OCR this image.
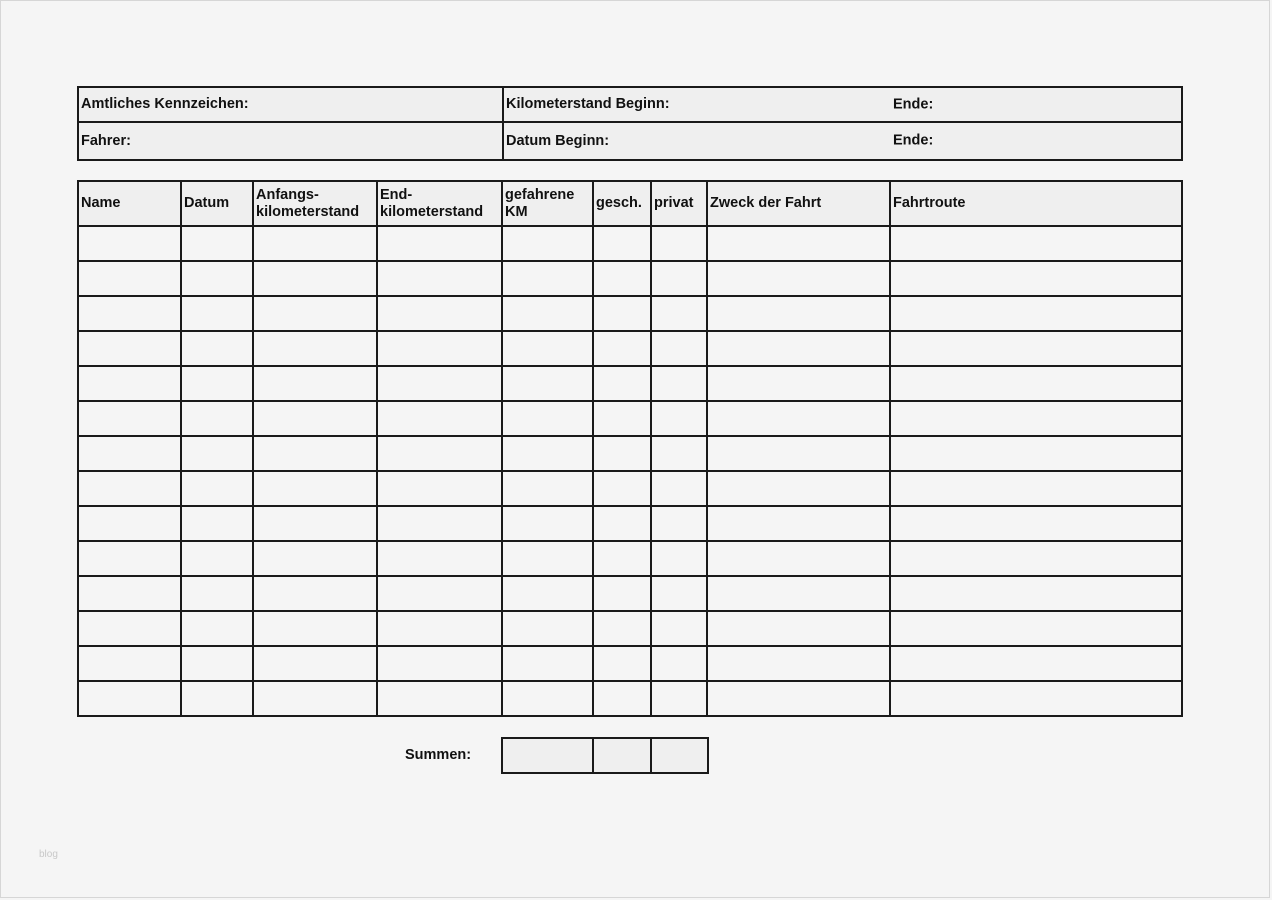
Amtliches Kennzeichen:	Kilometerstand Beginn: Ende:

Fahrer:	Datum Beginn: Ende:
Name	Datum	Anfangs- kilometerstand	End- kilometerstand	gefahrene KM	gesch.	privat	Zweck der Fahrt	Fahrtroute

Summen:

blog
